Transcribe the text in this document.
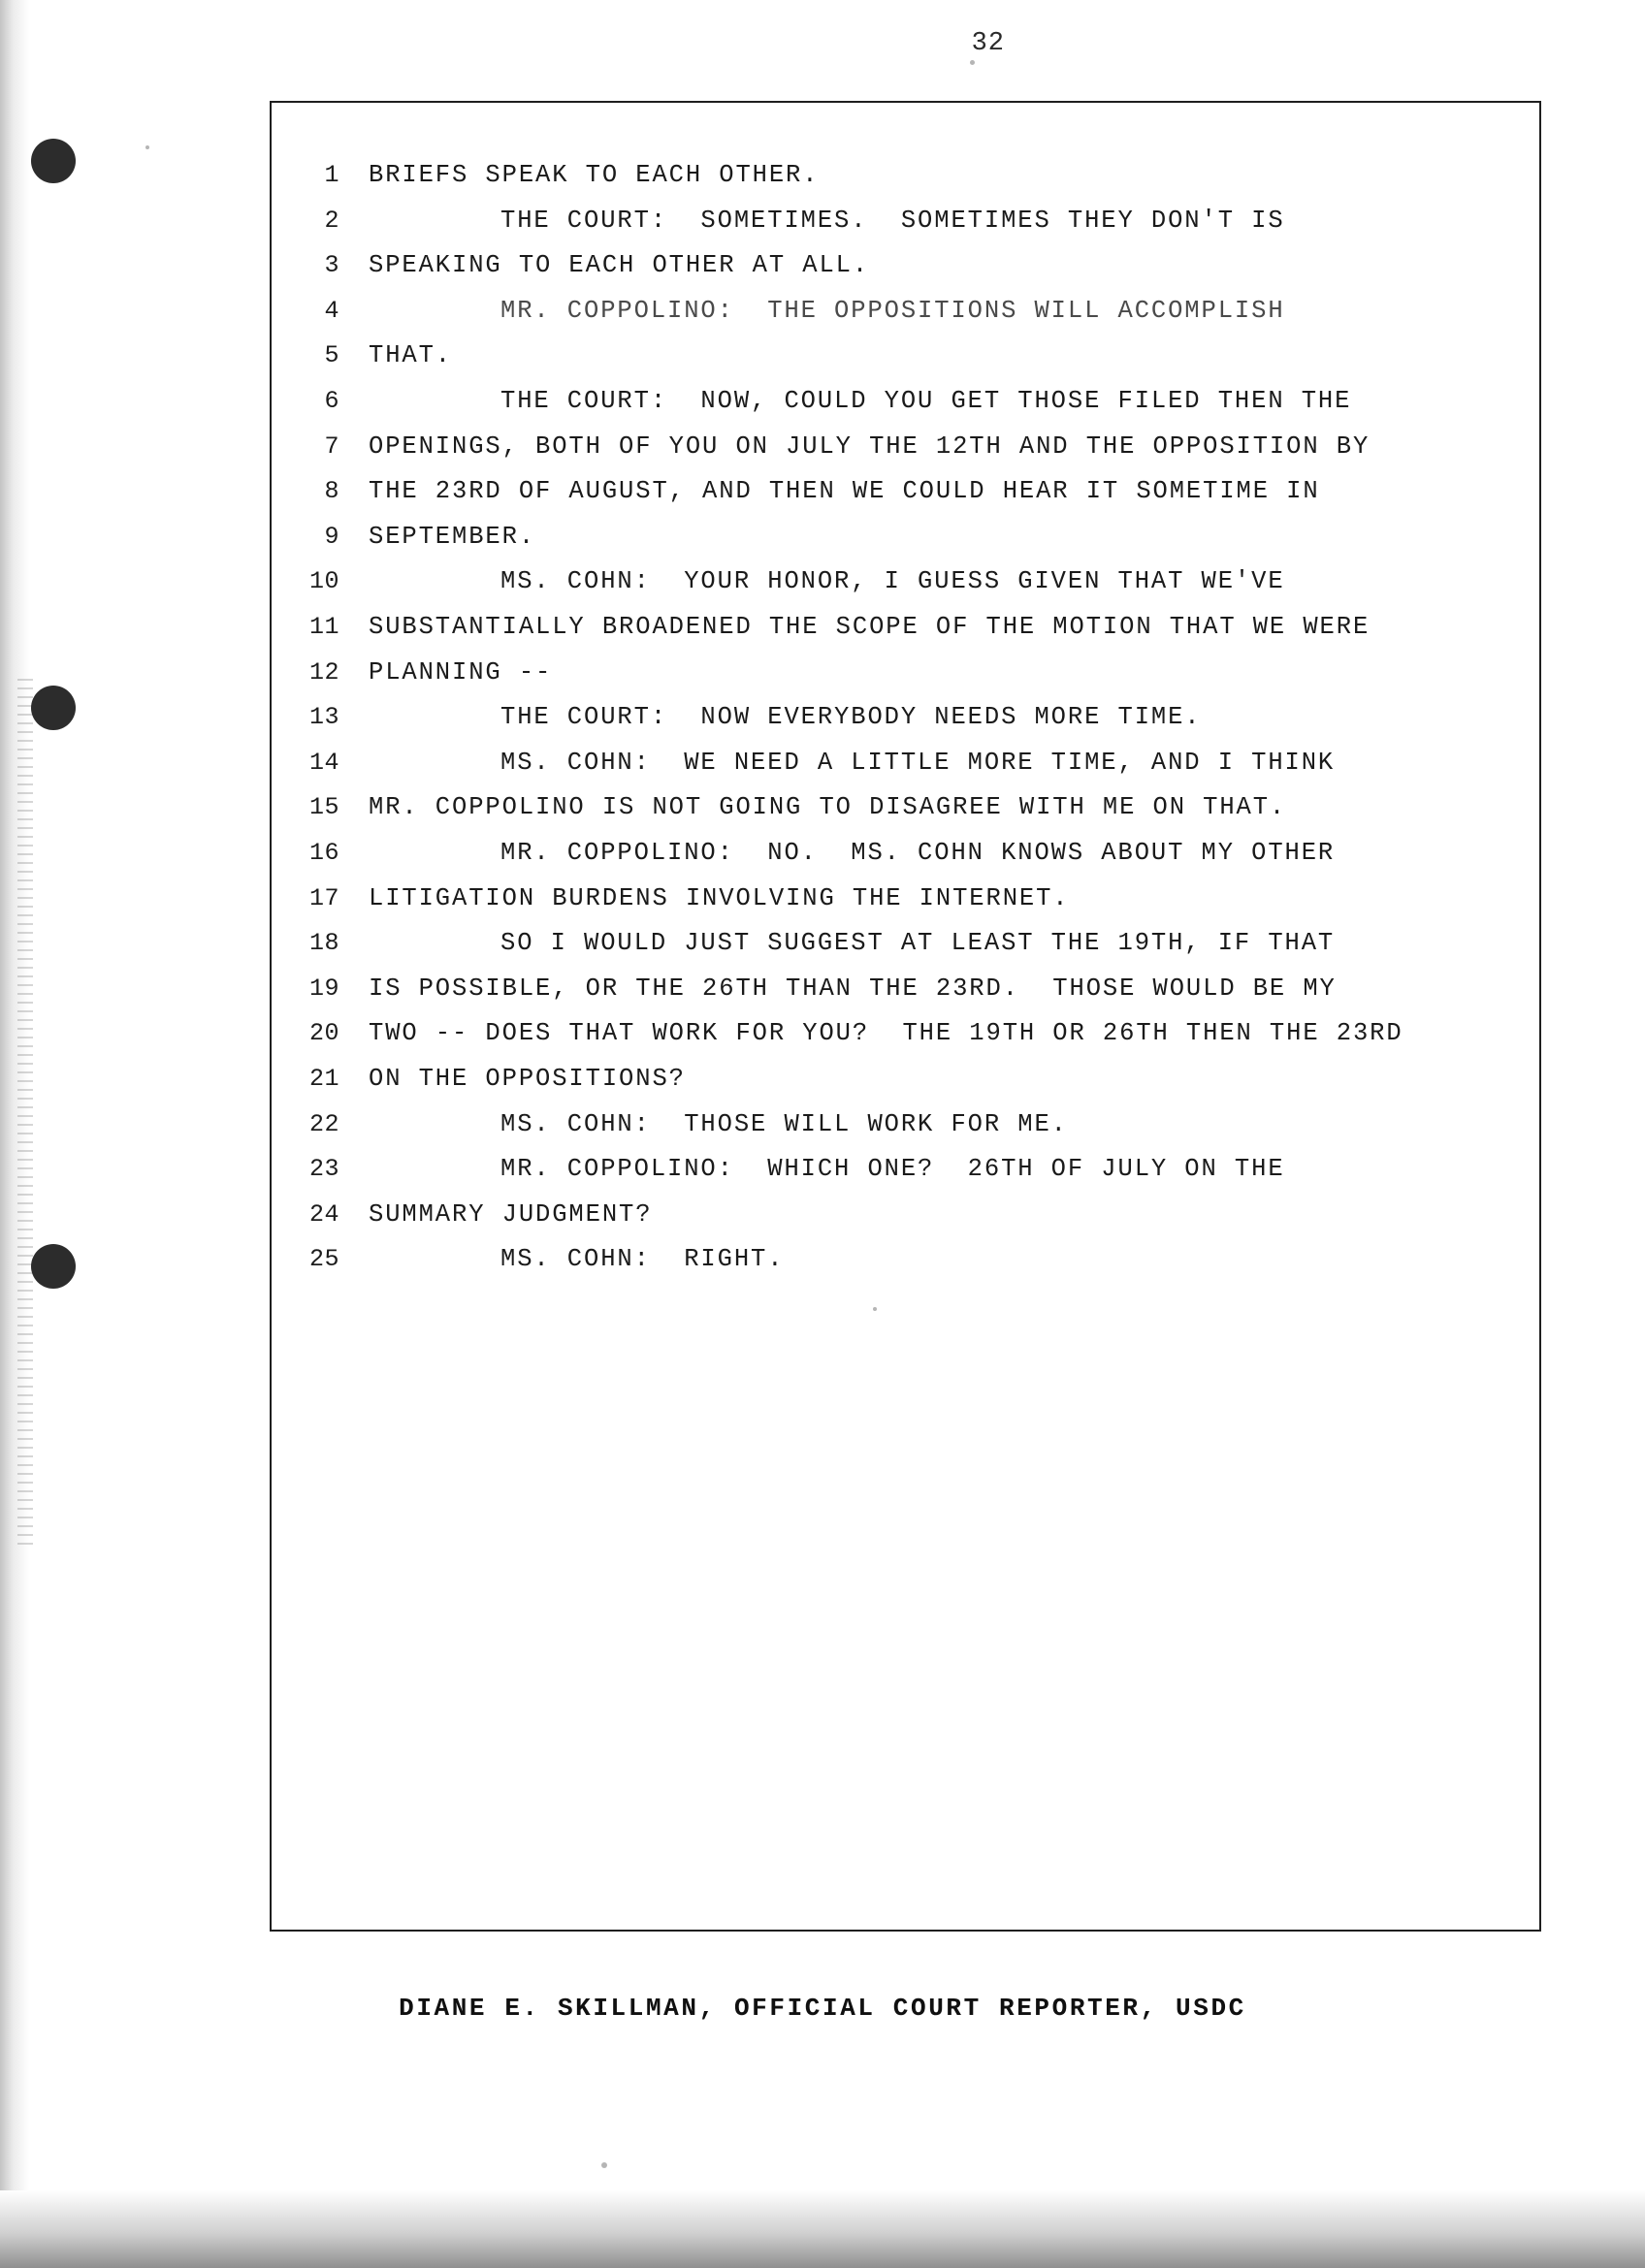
32
1 BRIEFS SPEAK TO EACH OTHER.
2	THE COURT:  SOMETIMES.  SOMETIMES THEY DON'T IS
3 SPEAKING TO EACH OTHER AT ALL.
4	MR. COPPOLINO:  THE OPPOSITIONS WILL ACCOMPLISH
5 THAT.
6	THE COURT:  NOW, COULD YOU GET THOSE FILED THEN THE
7 OPENINGS, BOTH OF YOU ON JULY THE 12TH AND THE OPPOSITION BY
8 THE 23RD OF AUGUST, AND THEN WE COULD HEAR IT SOMETIME IN
9 SEPTEMBER.
10	MS. COHN:  YOUR HONOR, I GUESS GIVEN THAT WE'VE
11 SUBSTANTIALLY BROADENED THE SCOPE OF THE MOTION THAT WE WERE
12 PLANNING --
13	THE COURT:  NOW EVERYBODY NEEDS MORE TIME.
14	MS. COHN:  WE NEED A LITTLE MORE TIME, AND I THINK
15 MR. COPPOLINO IS NOT GOING TO DISAGREE WITH ME ON THAT.
16	MR. COPPOLINO:  NO.  MS. COHN KNOWS ABOUT MY OTHER
17 LITIGATION BURDENS INVOLVING THE INTERNET.
18	SO I WOULD JUST SUGGEST AT LEAST THE 19TH, IF THAT
19 IS POSSIBLE, OR THE 26TH THAN THE 23RD.  THOSE WOULD BE MY
20 TWO -- DOES THAT WORK FOR YOU?  THE 19TH OR 26TH THEN THE 23RD
21 ON THE OPPOSITIONS?
22	MS. COHN:  THOSE WILL WORK FOR ME.
23	MR. COPPOLINO:  WHICH ONE?  26TH OF JULY ON THE
24 SUMMARY JUDGMENT?
25	MS. COHN:  RIGHT.
DIANE E. SKILLMAN, OFFICIAL COURT REPORTER, USDC
